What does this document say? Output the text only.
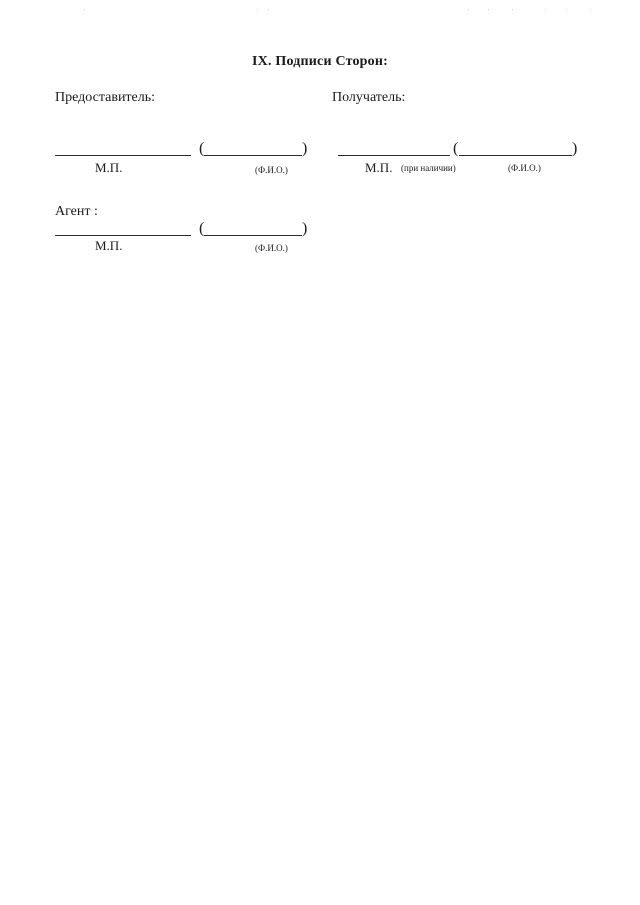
IX. Подписи Сторон:
Предоставитель:
(	)
М.П.	(Ф.И.О.)
Получатель:
(	)
М.П. (при наличии)	(Ф.И.О.)
Агент :
(	)
М.П.	(Ф.И.О.)
